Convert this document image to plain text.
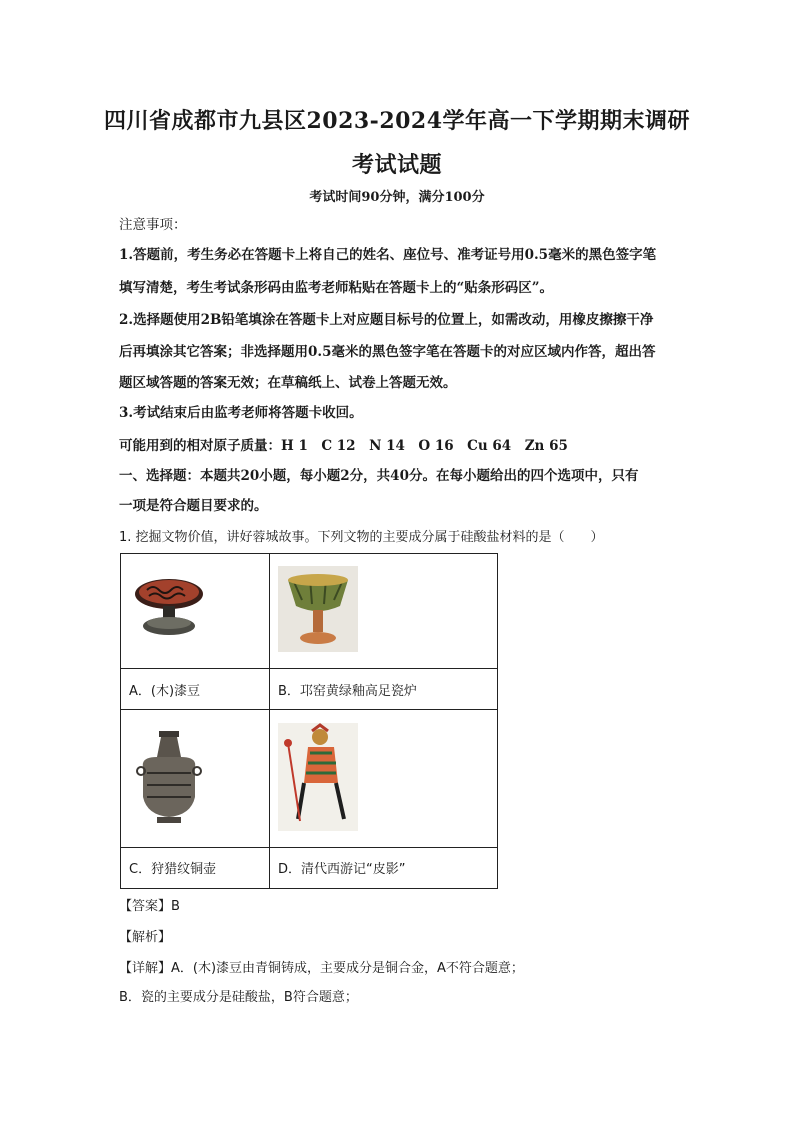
四川省成都市九县区2023-2024学年高一下学期期末调研
考试试题
考试时间90分钟，满分100分
注意事项：
1.答题前，考生务必在答题卡上将自己的姓名、座位号、准考证号用0.5毫米的黑色签字笔
填写清楚，考生考试条形码由监考老师粘贴在答题卡上的“贴条形码区”。
2.选择题使用2B铅笔填涂在答题卡上对应题目标号的位置上，如需改动，用橡皮擦擦干净
后再填涂其它答案；非选择题用0.5毫米的黑色签字笔在答题卡的对应区域内作答，超出答
题区域答题的答案无效；在草稿纸上、试卷上答题无效。
3.考试结束后由监考老师将答题卡收回。
可能用到的相对原子质量：H 1　C 12　N 14　O 16　Cu 64　Zn 65
一、选择题：本题共20小题，每小题2分，共40分。在每小题给出的四个选项中，只有
一项是符合题目要求的。
1. 挖掘文物价值，讲好蓉城故事。下列文物的主要成分属于硅酸盐材料的是（　　）

A．(木)漆豆	B．邛窑黄绿釉高足瓷炉

C．狩猎纹铜壶	D．清代西游记“皮影”
【答案】B
【解析】
【详解】A．(木)漆豆由青铜铸成，主要成分是铜合金，A不符合题意；
B．瓷的主要成分是硅酸盐，B符合题意；
